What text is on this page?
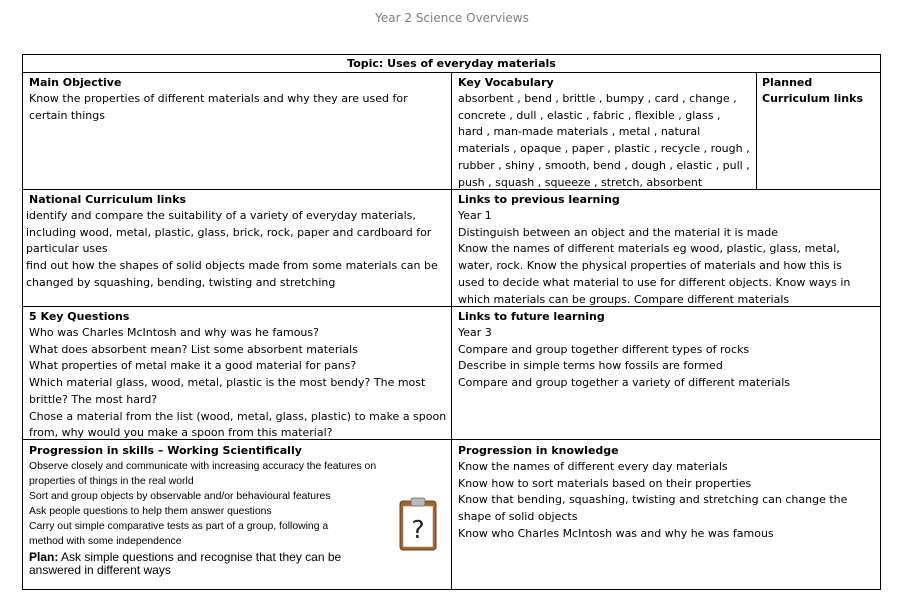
Year 2 Science Overviews
Topic: Uses of everyday materials
Main Objective
Know the properties of different materials and why they are used for certain things
Key Vocabulary
absorbent , bend , brittle , bumpy , card , change ,
concrete , dull , elastic , fabric , flexible , glass ,
hard , man-made materials , metal , natural
materials , opaque , paper , plastic , recycle , rough ,
rubber , shiny , smooth, bend , dough , elastic , pull ,
push , squash , squeeze , stretch, absorbent
Planned Curriculum links
National Curriculum links
identify and compare the suitability of a variety of everyday materials,
including wood, metal, plastic, glass, brick, rock, paper and cardboard for
particular uses
find out how the shapes of solid objects made from some materials can be
changed by squashing, bending, twisting and stretching
Links to previous learning
Year 1
Distinguish between an object and the material it is made
Know the names of different materials eg wood, plastic, glass, metal,
water, rock. Know the physical properties of materials and how this is
used to decide what material to use for different objects. Know ways in
which materials can be groups. Compare different materials
5 Key Questions
Who was Charles McIntosh and why was he famous?
What does absorbent mean? List some absorbent materials
What properties of metal make it a good material for pans?
Which material glass, wood, metal, plastic is the most bendy? The most
brittle? The most hard?
Chose a material from the list (wood, metal, glass, plastic) to make a spoon
from, why would you make a spoon from this material?
Links to future learning
Year 3
Compare and group together different types of rocks
Describe in simple terms how fossils are formed
Compare and group together a variety of different materials
Progression in skills – Working Scientifically
Observe closely and communicate with increasing accuracy the features on
properties of things in the real world
Sort and group objects by observable and/or behavioural features
Ask people questions to help them answer questions
Carry out simple comparative tests as part of a group, following a
method with some independence
Plan: Ask simple questions and recognise that they can be
answered in different ways
?
Progression in knowledge
Know the names of different every day materials
Know how to sort materials based on their properties
Know that bending, squashing, twisting and stretching can change the
shape of solid objects
Know who Charles McIntosh was and why he was famous
